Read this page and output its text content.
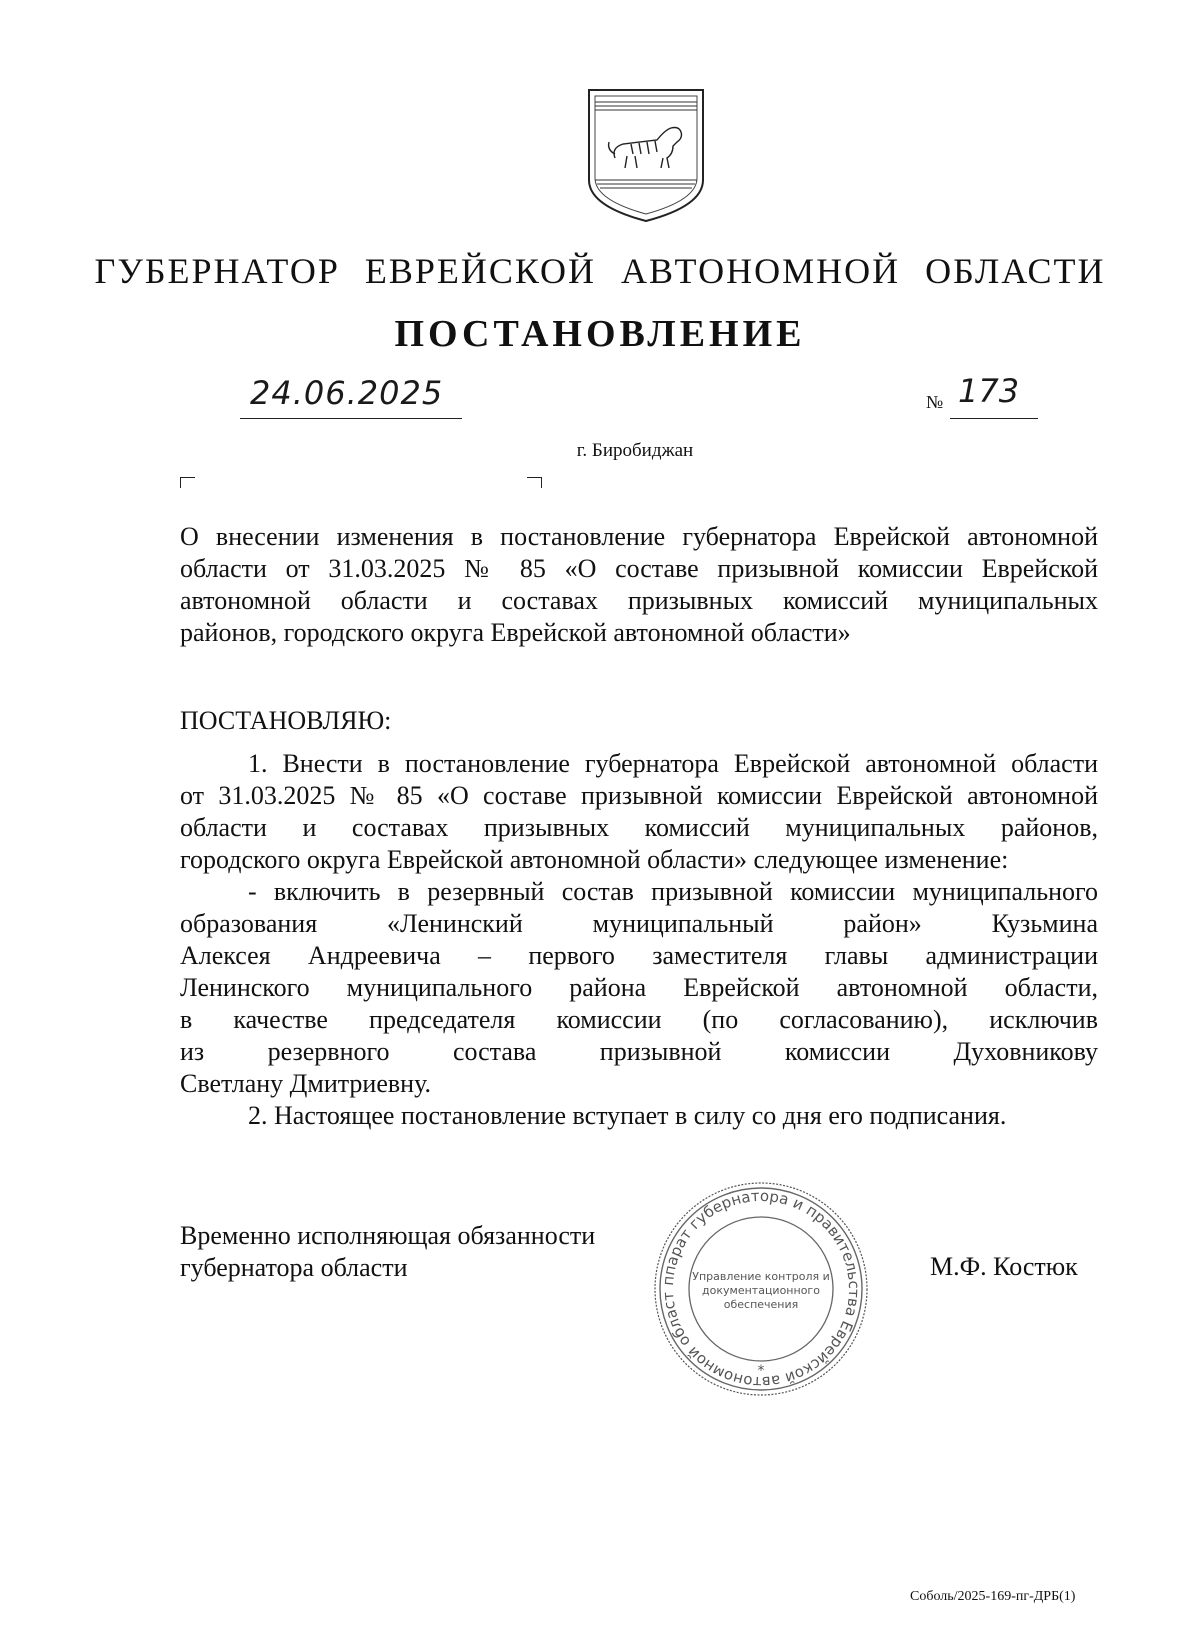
ГУБЕРНАТОР ЕВРЕЙСКОЙ АВТОНОМНОЙ ОБЛАСТИ
ПОСТАНОВЛЕНИЕ
24.06.2025	№ 173
г. Биробиджан
О внесении изменения в постановление губернатора Еврейской автономной
области от 31.03.2025 № 85 «О составе призывной комиссии Еврейской
автономной области и составах призывных комиссий муниципальных
районов, городского округа Еврейской автономной области»
ПОСТАНОВЛЯЮ:
1. Внести в постановление губернатора Еврейской автономной области
от 31.03.2025 № 85 «О составе призывной комиссии Еврейской автономной
области и составах призывных комиссий муниципальных районов,
городского округа Еврейской автономной области» следующее изменение:
- включить в резервный состав призывной комиссии муниципального
образования «Ленинский муниципальный район» Кузьмина
Алексея Андреевича – первого заместителя главы администрации
Ленинского муниципального района Еврейской автономной области,
в качестве председателя комиссии (по согласованию), исключив
из резервного состава призывной комиссии Духовникову
Светлану Дмитриевну.
2. Настоящее постановление вступает в силу со дня его подписания.
Временно исполняющая обязанности
губернатора области	М.Ф. Костюк
ппарат губернатора и правительства Еврейской автономной област
Управление контроля и
документационного
обеспечения
*
Соболь/2025-169-пг-ДРБ(1)
